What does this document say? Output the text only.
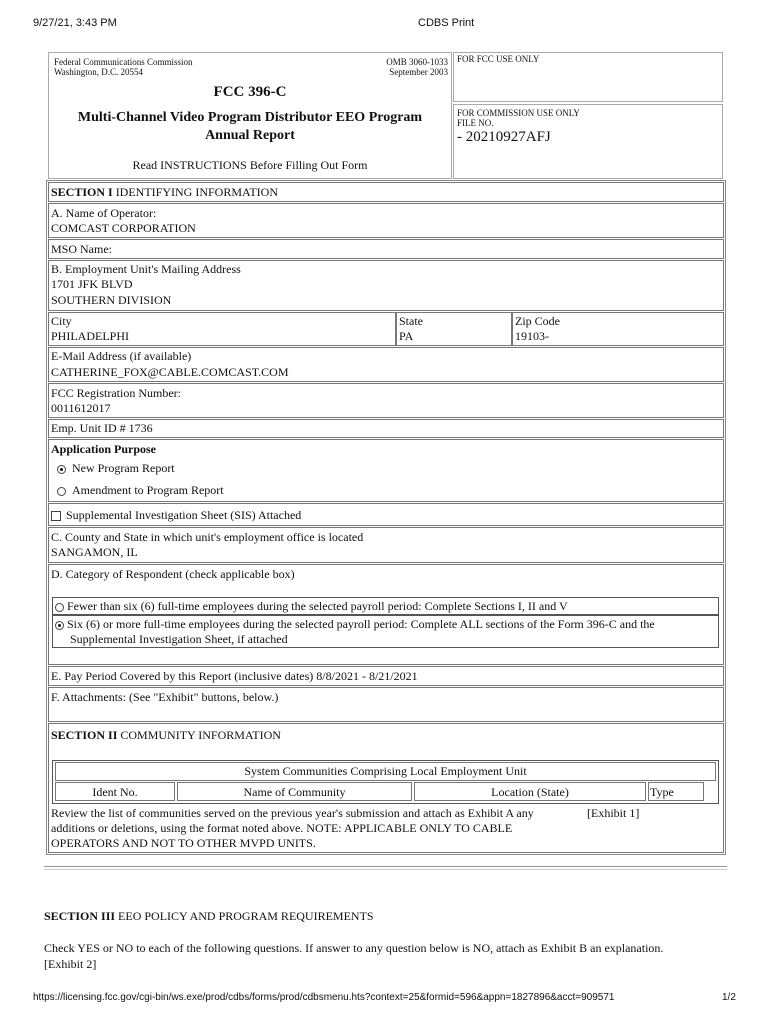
9/27/21, 3:43 PM	CDBS Print
Federal Communications Commission
Washington, D.C. 20554
OMB 3060-1033
September 2003
FCC 396-C
Multi-Channel Video Program Distributor EEO Program
Annual Report
Read INSTRUCTIONS Before Filling Out Form
FOR FCC USE ONLY
FOR COMMISSION USE ONLY
FILE NO.
- 20210927AFJ
SECTION I IDENTIFYING INFORMATION
A. Name of Operator:
COMCAST CORPORATION
MSO Name:
B. Employment Unit's Mailing Address
1701 JFK BLVD
SOUTHERN DIVISION
City
PHILADELPHI
State
PA
Zip Code
19103-
E-Mail Address (if available)
CATHERINE_FOX@CABLE.COMCAST.COM
FCC Registration Number:
0011612017
Emp. Unit ID # 1736
Application Purpose
New Program Report
Amendment to Program Report
Supplemental Investigation Sheet (SIS) Attached
C. County and State in which unit's employment office is located
SANGAMON, IL
D. Category of Respondent (check applicable box)
Fewer than six (6) full-time employees during the selected payroll period: Complete Sections I, II and V
Six (6) or more full-time employees during the selected payroll period: Complete ALL sections of the Form 396-C and the
Supplemental Investigation Sheet, if attached
E. Pay Period Covered by this Report (inclusive dates) 8/8/2021 - 8/21/2021
F. Attachments: (See "Exhibit" buttons, below.)
SECTION II COMMUNITY INFORMATION
System Communities Comprising Local Employment Unit
Ident No.	Name of Community	Location (State)	Type
Review the list of communities served on the previous year's submission and attach as Exhibit A any
additions or deletions, using the format noted above. NOTE: APPLICABLE ONLY TO CABLE
OPERATORS AND NOT TO OTHER MVPD UNITS.
[Exhibit 1]
SECTION III EEO POLICY AND PROGRAM REQUIREMENTS
Check YES or NO to each of the following questions. If answer to any question below is NO, attach as Exhibit B an explanation.
[Exhibit 2]
https://licensing.fcc.gov/cgi-bin/ws.exe/prod/cdbs/forms/prod/cdbsmenu.hts?context=25&formid=596&appn=1827896&acct=909571	1/2
